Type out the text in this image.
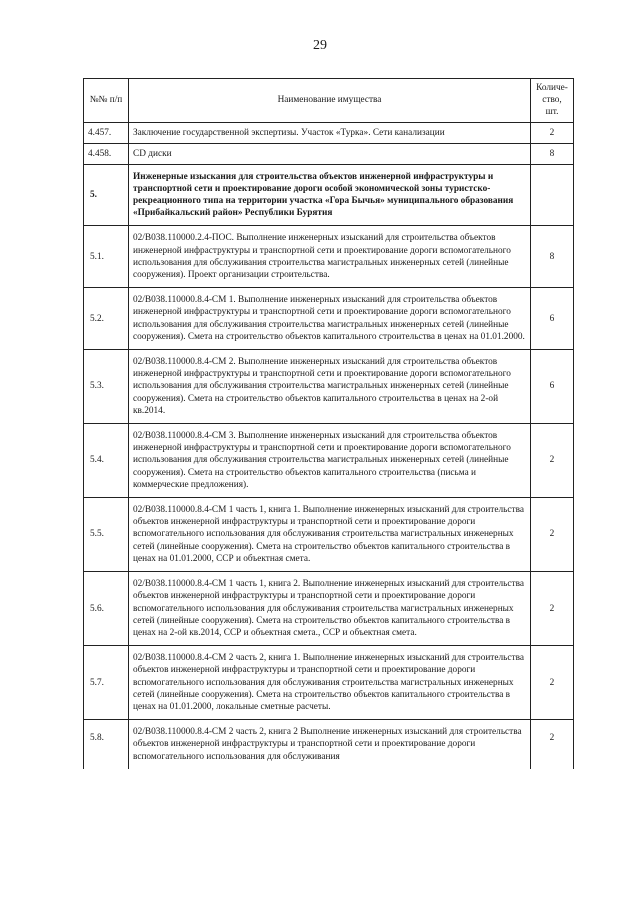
29
№№ п/п	Наименование имущества	Количе-ство, шт.
4.457.	Заключение государственной экспертизы. Участок «Турка». Сети канализации	2
4.458.	CD диски	8
5.	Инженерные изыскания для строительства объектов инженерной инфраструктуры и транспортной сети и проектирование дороги особой экономической зоны туристско-рекреационного типа на территории участка «Гора Бычья» муниципального образования «Прибайкальский район» Республики Бурятия	
5.1.	02/В038.110000.2.4-ПОС. Выполнение инженерных изысканий для строительства объектов инженерной инфраструктуры и транспортной сети и проектирование дороги вспомогательного использования для обслуживания строительства магистральных инженерных сетей (линейные сооружения). Проект организации строительства.	8
5.2.	02/В038.110000.8.4-СМ 1. Выполнение инженерных изысканий для строительства объектов инженерной инфраструктуры и транспортной сети и проектирование дороги вспомогательного использования для обслуживания строительства магистральных инженерных сетей (линейные сооружения). Смета на строительство объектов капитального строительства в ценах на 01.01.2000.	6
5.3.	02/В038.110000.8.4-СМ 2. Выполнение инженерных изысканий для строительства объектов инженерной инфраструктуры и транспортной сети и проектирование дороги вспомогательного использования для обслуживания строительства магистральных инженерных сетей (линейные сооружения). Смета на строительство объектов капитального строительства в ценах на 2-ой кв.2014.	6
5.4.	02/В038.110000.8.4-СМ 3. Выполнение инженерных изысканий для строительства объектов инженерной инфраструктуры и транспортной сети и проектирование дороги вспомогательного использования для обслуживания строительства магистральных инженерных сетей (линейные сооружения). Смета на строительство объектов капитального строительства (письма и коммерческие предложения).	2
5.5.	02/В038.110000.8.4-СМ 1 часть 1, книга 1. Выполнение инженерных изысканий для строительства объектов инженерной инфраструктуры и транспортной сети и проектирование дороги вспомогательного использования для обслуживания строительства магистральных инженерных сетей (линейные сооружения). Смета на строительство объектов капитального строительства в ценах на 01.01.2000, ССР и объектная смета.	2
5.6.	02/В038.110000.8.4-СМ 1 часть 1, книга 2. Выполнение инженерных изысканий для строительства объектов инженерной инфраструктуры и транспортной сети и проектирование дороги вспомогательного использования для обслуживания строительства магистральных инженерных сетей (линейные сооружения). Смета на строительство объектов капитального строительства в ценах на 2-ой кв.2014, ССР и объектная смета., ССР и объектная смета.	2
5.7.	02/В038.110000.8.4-СМ 2 часть 2, книга 1. Выполнение инженерных изысканий для строительства объектов инженерной инфраструктуры и транспортной сети и проектирование дороги вспомогательного использования для обслуживания строительства магистральных инженерных сетей (линейные сооружения). Смета на строительство объектов капитального строительства в ценах на 01.01.2000, локальные сметные расчеты.	2
5.8.	02/В038.110000.8.4-СМ 2 часть 2, книга 2 Выполнение инженерных изысканий для строительства объектов инженерной инфраструктуры и транспортной сети и проектирование дороги вспомогательного использования для обслуживания	2
